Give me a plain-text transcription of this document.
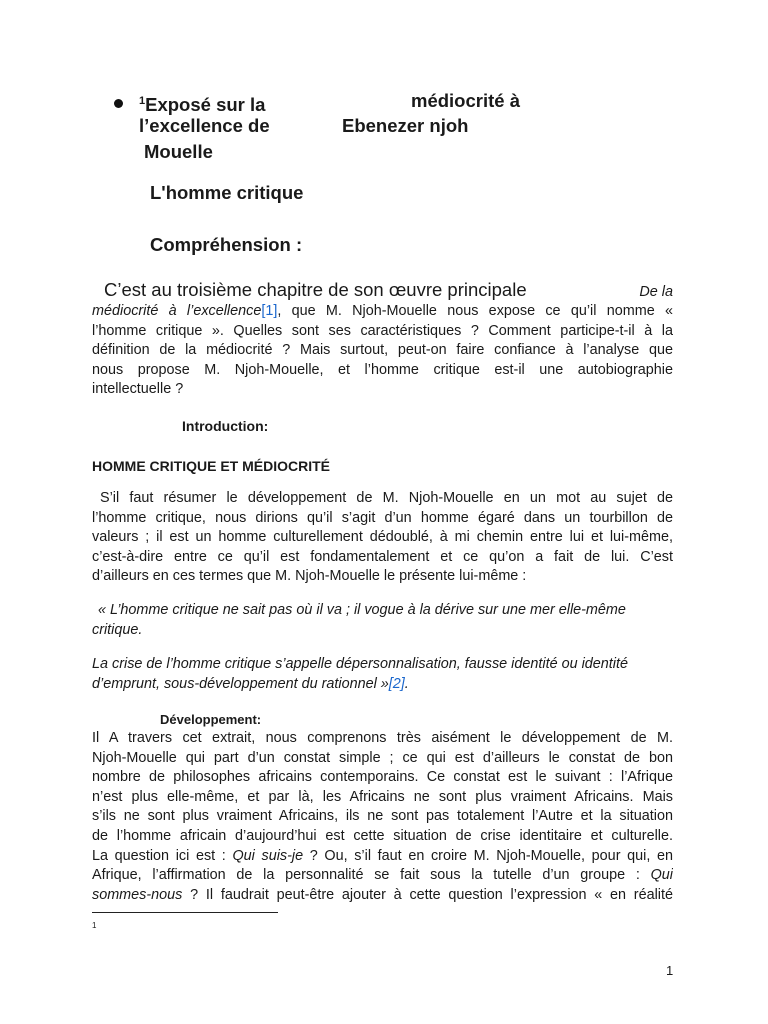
$^1$Exposé sur la	médiocrité à
l’excellence de	Ebenezer njoh
Mouelle
L'homme critique
Compréhension :
C’est au troisième chapitre de son œuvre principale	De la
médiocrité à l’excellence[1], que M. Njoh-Mouelle nous expose ce qu’il nomme «
l’homme critique ». Quelles sont ses caractéristiques ? Comment participe-t-il à la
définition de la médiocrité ? Mais surtout, peut-on faire confiance à l’analyse que
nous propose M. Njoh-Mouelle, et l’homme critique est-il une autobiographie
intellectuelle ?
Introduction:
HOMME CRITIQUE ET MÉDIOCRITÉ
S’il faut résumer le développement de M. Njoh-Mouelle en un mot au sujet de
l’homme critique, nous dirions qu’il s’agit d’un homme égaré dans un tourbillon de
valeurs ; il est un homme culturellement dédoublé, à mi chemin entre lui et lui-même,
c’est-à-dire entre ce qu’il est fondamentalement et ce qu’on a fait de lui. C’est
d’ailleurs en ces termes que M. Njoh-Mouelle le présente lui-même :
« L’homme critique ne sait pas où il va ; il vogue à la dérive sur une mer elle-même
critique.
La crise de l’homme critique s’appelle dépersonnalisation, fausse identité ou identité
d’emprunt, sous-développement du rationnel »[2].
Développement:
Il A travers cet extrait, nous comprenons très aisément le développement de M.
Njoh-Mouelle qui part d’un constat simple ; ce qui est d’ailleurs le constat de bon
nombre de philosophes africains contemporains. Ce constat est le suivant : l’Afrique
n’est plus elle-même, et par là, les Africains ne sont plus vraiment Africains. Mais
s’ils ne sont plus vraiment Africains, ils ne sont pas totalement l’Autre et la situation
de l’homme africain d’aujourd’hui est cette situation de crise identitaire et culturelle.
La question ici est : Qui suis-je ? Ou, s’il faut en croire M. Njoh-Mouelle, pour qui, en
Afrique, l’affirmation de la personnalité se fait sous la tutelle d’un groupe : Qui
sommes-nous ? Il faudrait peut-être ajouter à cette question l’expression « en réalité
1
1
